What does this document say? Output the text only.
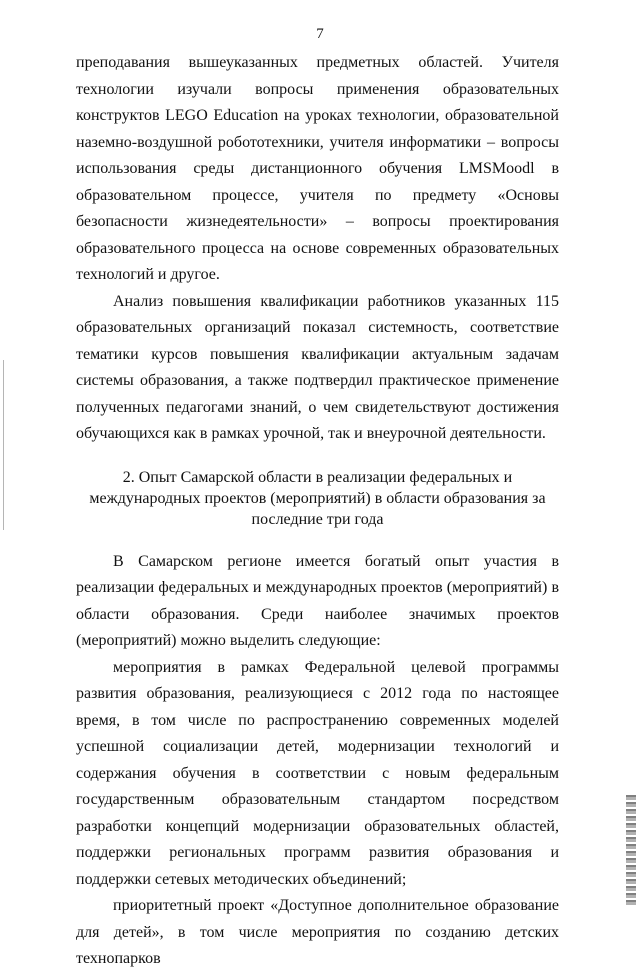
7

преподавания вышеуказанных предметных областей. Учителя технологии изучали вопросы применения образовательных конструктов LEGO Education на уроках технологии, образовательной наземно-воздушной робототехники, учителя информатики – вопросы использования среды дистанционного обучения LMSMoodl в образовательном процессе, учителя по предмету «Основы безопасности жизнедеятельности» – вопросы проектирования образовательного процесса на основе современных образовательных технологий и другое.

Анализ повышения квалификации работников указанных 115 образовательных организаций показал системность, соответствие тематики курсов повышения квалификации актуальным задачам системы образования, а также подтвердил практическое применение полученных педагогами знаний, о чем свидетельствуют достижения обучающихся как в рамках урочной, так и внеурочной деятельности.

2. Опыт Самарской области в реализации федеральных и международных проектов (мероприятий) в области образования за последние три года

В Самарском регионе имеется богатый опыт участия в реализации федеральных и международных проектов (мероприятий) в области образования. Среди наиболее значимых проектов (мероприятий) можно выделить следующие:

мероприятия в рамках Федеральной целевой программы развития образования, реализующиеся с 2012 года по настоящее время, в том числе по распространению современных моделей успешной социализации детей, модернизации технологий и содержания обучения в соответствии с новым федеральным государственным образовательным стандартом посредством разработки концепций модернизации образовательных областей, поддержки региональных программ развития образования и поддержки сетевых методических объединений;

приоритетный проект «Доступное дополнительное образование для детей», в том числе мероприятия по созданию детских технопарков
